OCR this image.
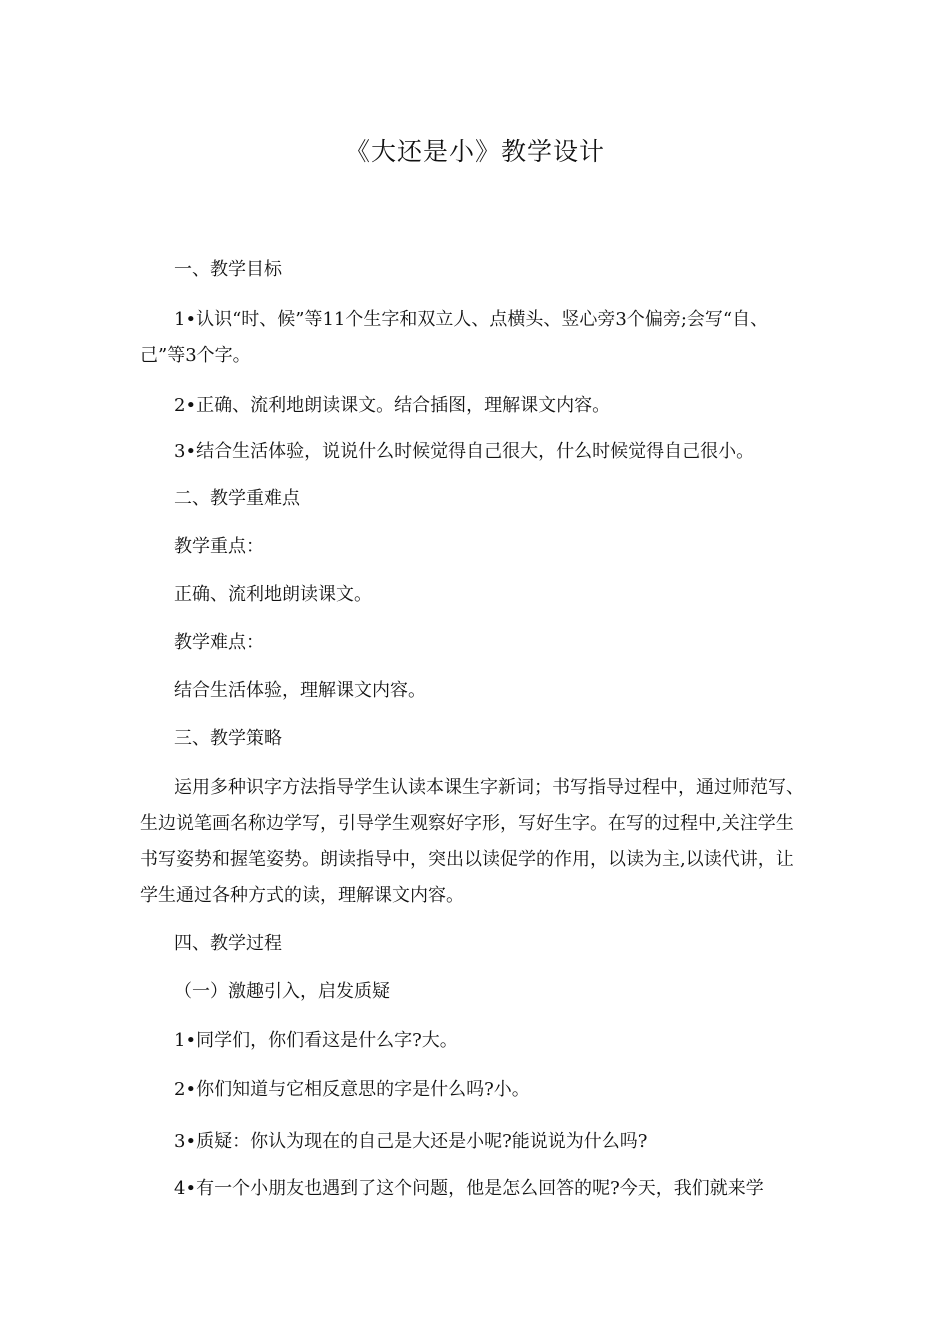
《大还是小》教学设计
一、教学目标
1•认识“时、候”等11个生字和双立人、点横头、竖心旁3个偏旁;会写“自、己”等3个字。
2•正确、流利地朗读课文。结合插图，理解课文内容。
3•结合生活体验，说说什么时候觉得自己很大，什么时候觉得自己很小。
二、教学重难点
教学重点：
正确、流利地朗读课文。
教学难点：
结合生活体验，理解课文内容。
三、教学策略
运用多种识字方法指导学生认读本课生字新词；书写指导过程中，通过师范写、生边说笔画名称边学写，引导学生观察好字形，写好生字。在写的过程中,关注学生书写姿势和握笔姿势。朗读指导中，突出以读促学的作用，以读为主,以读代讲，让学生通过各种方式的读，理解课文内容。
四、教学过程
（一）激趣引入，启发质疑
1•同学们，你们看这是什么字?大。
2•你们知道与它相反意思的字是什么吗?小。
3•质疑：你认为现在的自己是大还是小呢?能说说为什么吗?
4•有一个小朋友也遇到了这个问题，他是怎么回答的呢?今天，我们就来学
